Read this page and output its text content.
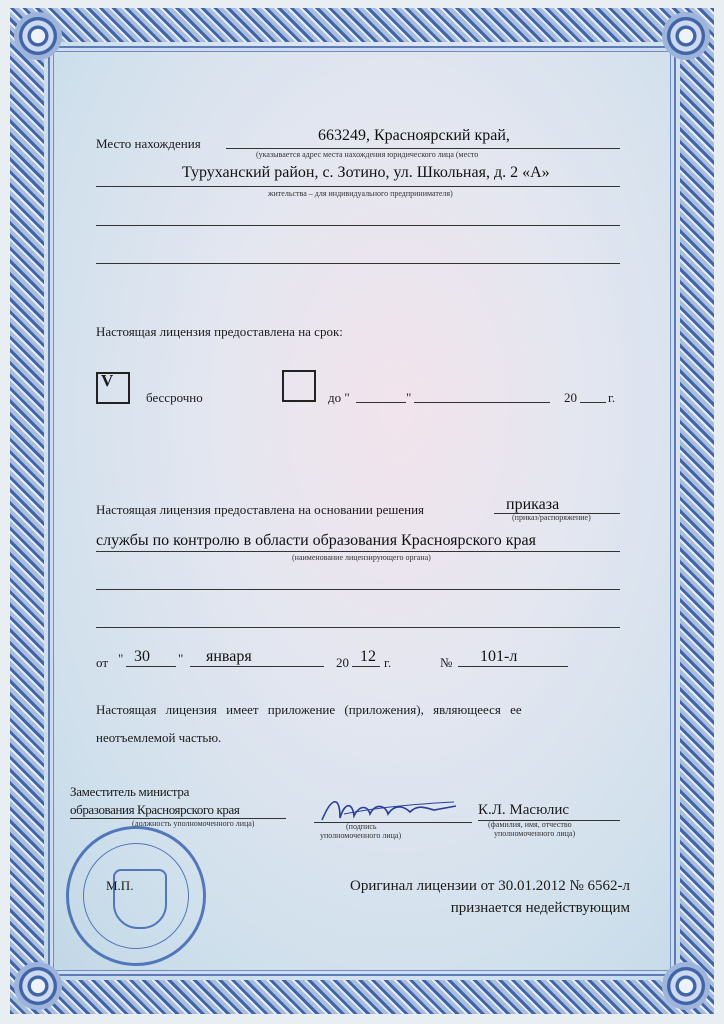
Место нахождения	663249, Красноярский край,
(указывается адрес места нахождения юридического лица (место
Туруханский район, с. Зотино, ул. Школьная, д. 2 «А»
жительства – для индивидуального предпринимателя)
Настоящая лицензия предоставлена на срок:
V
бессрочно	до "	"	20 г.
Настоящая лицензия предоставлена на основании решения	приказа
(приказ/распоряжение)
службы по контролю в области образования Красноярского края
(наименование лицензирующего органа)
от " 30 " января	20 12 г.	№ 101-л
Настоящая лицензия имеет приложение (приложения), являющееся ее
неотъемлемой частью.
Заместитель министра
образования Красноярского края
(должность уполномоченного лица)	(подпись
уполномоченного лица)
К.Л. Масюлис
(фамилия, имя, отчество
уполномоченного лица)
М.П.	Оригинал лицензии от 30.01.2012 № 6562-л
признается недействующим
